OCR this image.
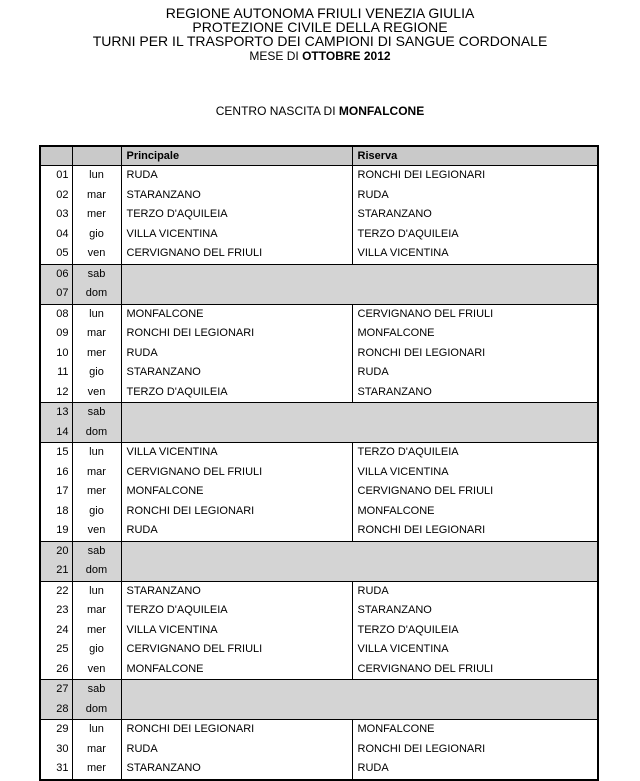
REGIONE AUTONOMA FRIULI VENEZIA GIULIA
PROTEZIONE CIVILE DELLA REGIONE
TURNI PER IL TRASPORTO DEI CAMPIONI DI SANGUE CORDONALE
MESE DI OTTOBRE 2012
CENTRO NASCITA DI MONFALCONE
		Principale	Riserva
01	lun	RUDA	RONCHI DEI LEGIONARI
02	mar	STARANZANO	RUDA
03	mer	TERZO D'AQUILEIA	STARANZANO
04	gio	VILLA VICENTINA	TERZO D'AQUILEIA
05	ven	CERVIGNANO DEL FRIULI	VILLA VICENTINA
06	sab		
07	dom		
08	lun	MONFALCONE	CERVIGNANO DEL FRIULI
09	mar	RONCHI DEI LEGIONARI	MONFALCONE
10	mer	RUDA	RONCHI DEI LEGIONARI
11	gio	STARANZANO	RUDA
12	ven	TERZO D'AQUILEIA	STARANZANO
13	sab		
14	dom		
15	lun	VILLA VICENTINA	TERZO D'AQUILEIA
16	mar	CERVIGNANO DEL FRIULI	VILLA VICENTINA
17	mer	MONFALCONE	CERVIGNANO DEL FRIULI
18	gio	RONCHI DEI LEGIONARI	MONFALCONE
19	ven	RUDA	RONCHI DEI LEGIONARI
20	sab		
21	dom		
22	lun	STARANZANO	RUDA
23	mar	TERZO D'AQUILEIA	STARANZANO
24	mer	VILLA VICENTINA	TERZO D'AQUILEIA
25	gio	CERVIGNANO DEL FRIULI	VILLA VICENTINA
26	ven	MONFALCONE	CERVIGNANO DEL FRIULI
27	sab		
28	dom		
29	lun	RONCHI DEI LEGIONARI	MONFALCONE
30	mar	RUDA	RONCHI DEI LEGIONARI
31	mer	STARANZANO	RUDA
